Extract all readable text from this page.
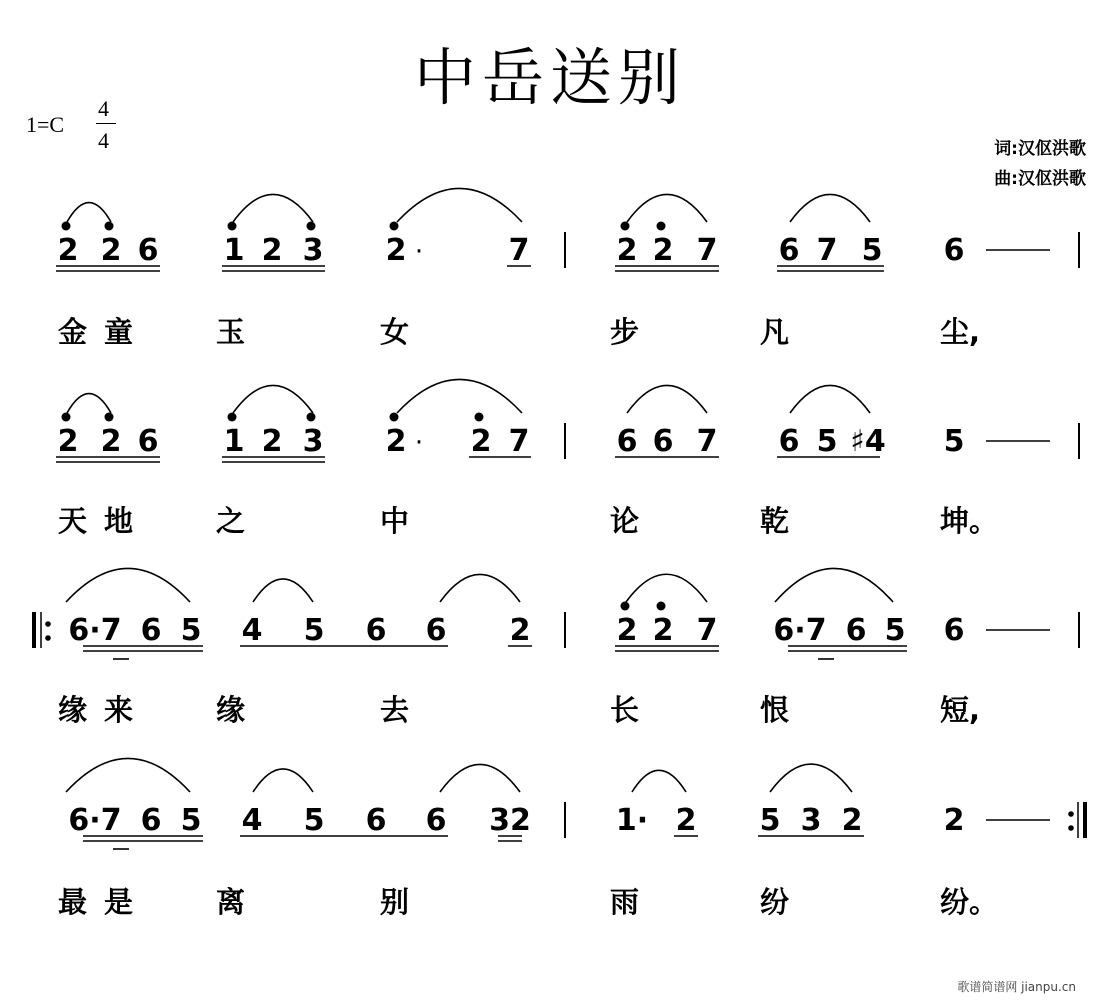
中岳送别
1=C
4
4	词:汉伛洪歌
曲:汉伛洪歌
2 2 6 1 2 3 2 ·	7	2 2 7 6 7 5 6
金 童	玉	女	步	凡	尘,
2 2 6 1 2 3 2 · 2 7	6 6 7 6 5 ♯4 5
天 地	之	中	论	乾	坤。
6·7 6 5 4 5 6 6 2	2 2 7 6·7 6 5 6
缘 来	缘	去	长	恨	短,
6·7 6 5 4 5 6 6 32	1· 2 5 3 2	2
最 是	离	别	雨	纷	纷。
歌谱简谱网 jianpu.cn
